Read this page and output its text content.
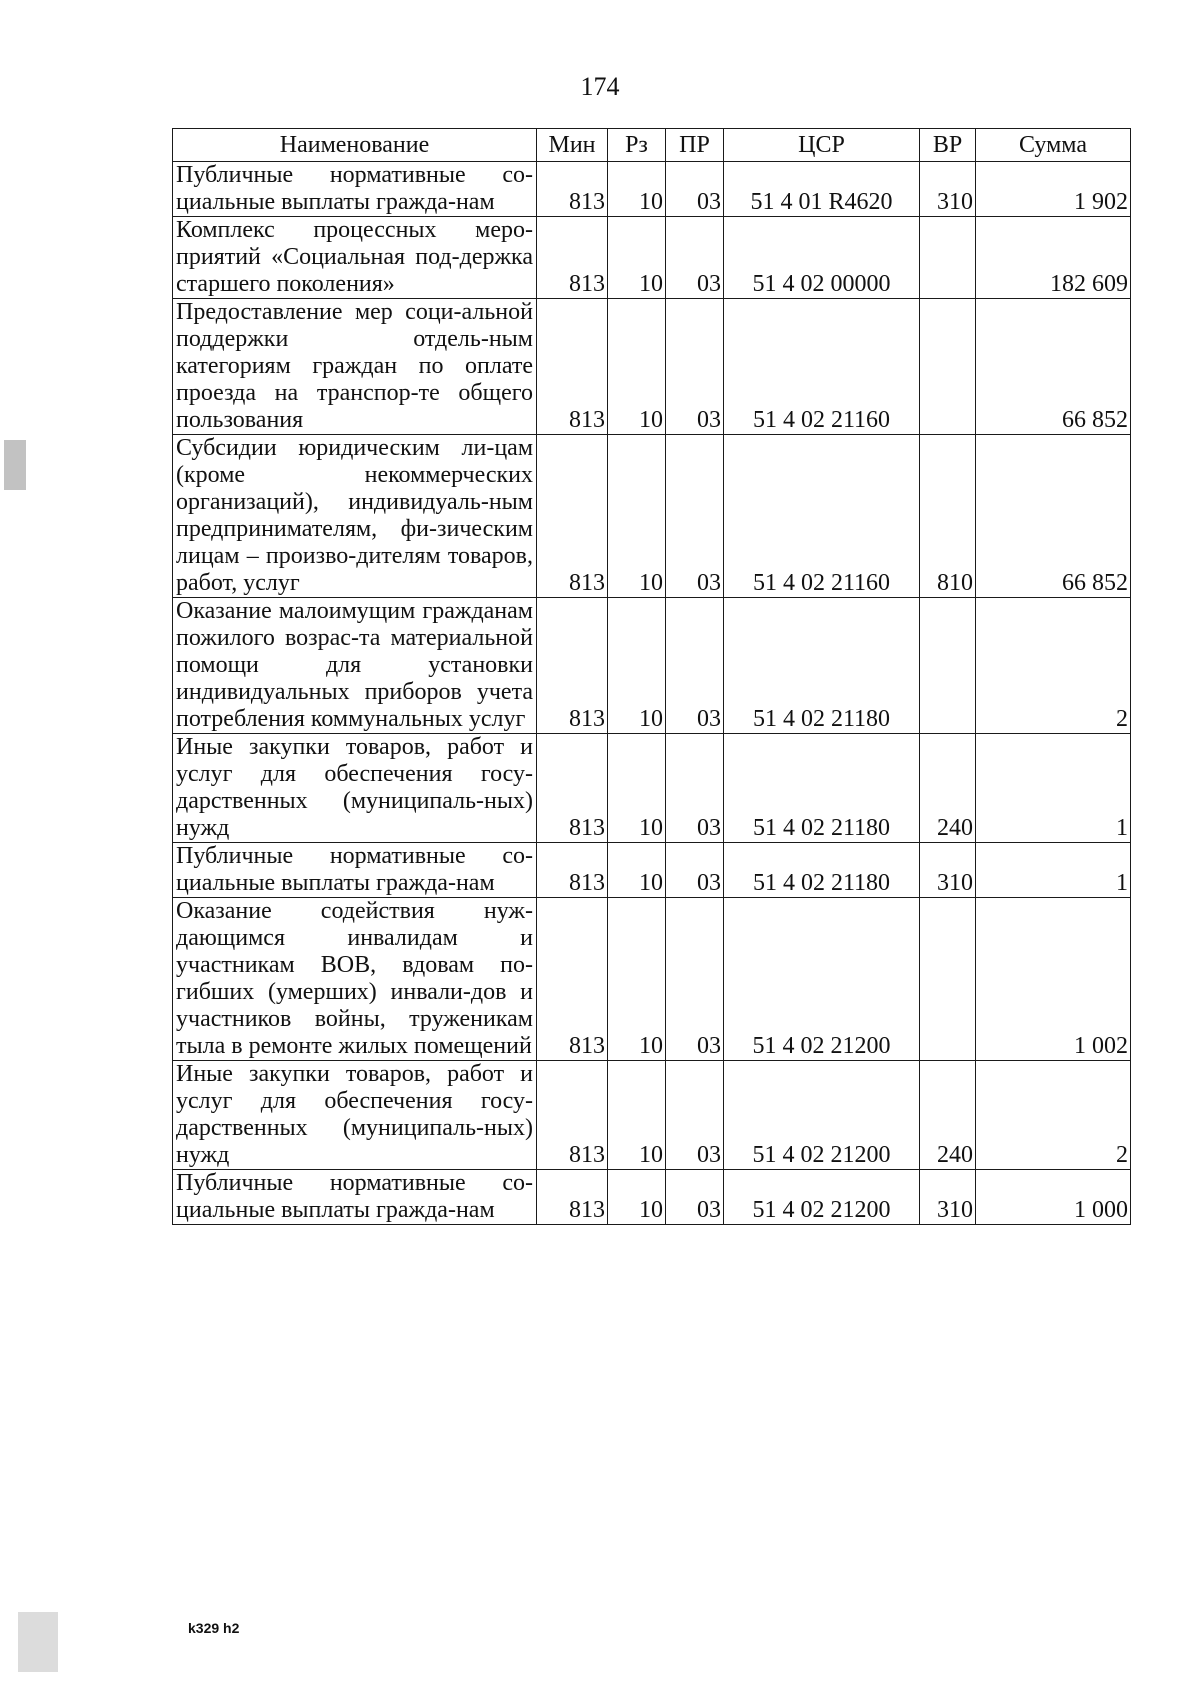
174
Наименование	Мин	Рз	ПР	ЦСР	ВР	Сумма
Публичные нормативные со-циальные выплаты гражда-нам	813	10	03	51 4 01 R4620	310	1 902
Комплекс процессных меро-приятий «Социальная под-держка старшего поколения»	813	10	03	51 4 02 00000		182 609
Предоставление мер соци-альной поддержки отдель-ным категориям граждан по оплате проезда на транспор-те общего пользования	813	10	03	51 4 02 21160		66 852
Субсидии юридическим ли-цам (кроме некоммерческих организаций), индивидуаль-ным предпринимателям, фи-зическим лицам – произво-дителям товаров, работ, услуг	813	10	03	51 4 02 21160	810	66 852
Оказание малоимущим гражданам пожилого возрас-та материальной помощи для установки индивидуальных приборов учета потребления коммунальных услуг	813	10	03	51 4 02 21180		2
Иные закупки товаров, работ и услуг для обеспечения госу-дарственных (муниципаль-ных) нужд	813	10	03	51 4 02 21180	240	1
Публичные нормативные со-циальные выплаты гражда-нам	813	10	03	51 4 02 21180	310	1
Оказание содействия нуж-дающимся инвалидам и участникам ВОВ, вдовам по-гибших (умерших) инвали-дов и участников войны, труженикам тыла в ремонте жилых помещений	813	10	03	51 4 02 21200		1 002
Иные закупки товаров, работ и услуг для обеспечения госу-дарственных (муниципаль-ных) нужд	813	10	03	51 4 02 21200	240	2
Публичные нормативные со-циальные выплаты гражда-нам	813	10	03	51 4 02 21200	310	1 000
k329 h2
